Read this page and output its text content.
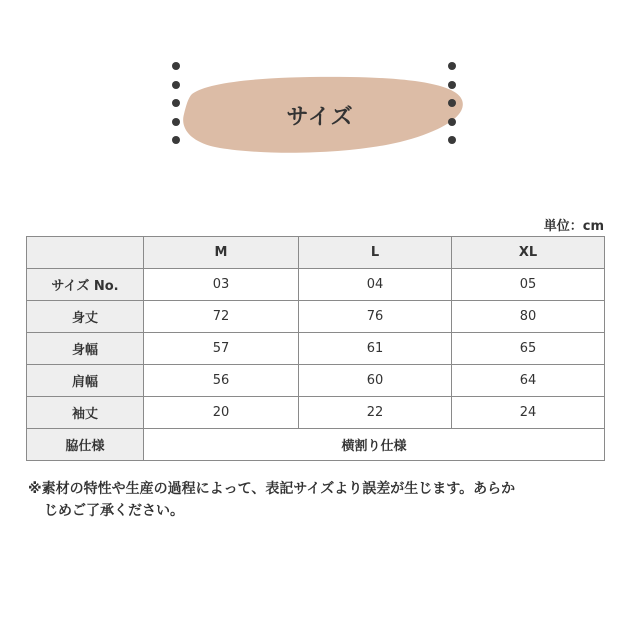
サイズ
単位：cm
	M	L	XL
サイズ No.	03	04	05
身丈	72	76	80
身幅	57	61	65
肩幅	56	60	64
袖丈	20	22	24
脇仕様	横割り仕様		
※素材の特性や生産の過程によって、表記サイズより誤差が生じます。あらか
じめご了承ください。
